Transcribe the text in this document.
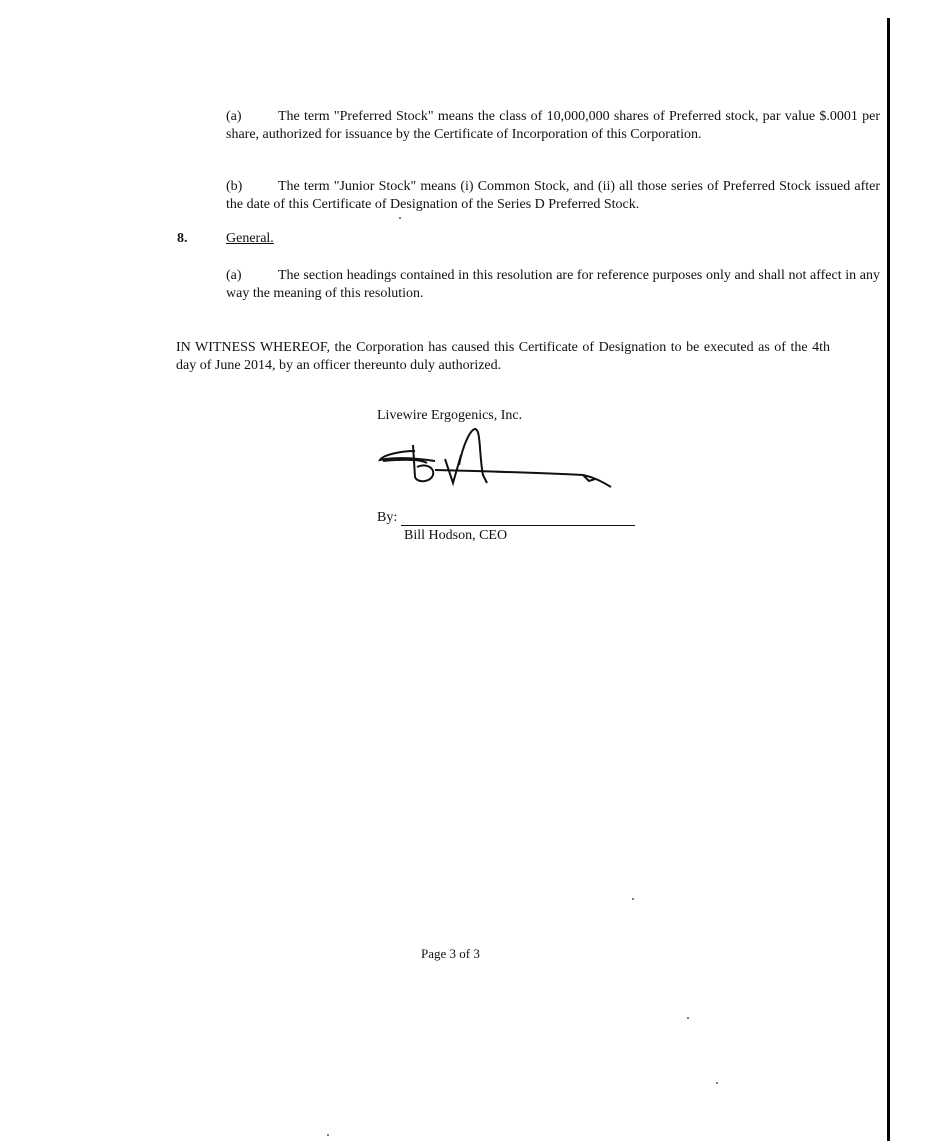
(a)	The term "Preferred Stock" means the class of 10,000,000 shares of Preferred stock, par value $.0001 per share, authorized for issuance by the Certificate of Incorporation of this Corporation.
(b)	The term "Junior Stock" means (i) Common Stock, and (ii) all those series of Preferred Stock issued after the date of this Certificate of Designation of the Series D Preferred Stock.
8.	General.
(a)	The section headings contained in this resolution are for reference purposes only and shall not affect in any way the meaning of this resolution.
IN WITNESS WHEREOF, the Corporation has caused this Certificate of Designation to be executed as of the 4th day of June 2014, by an officer thereunto duly authorized.
Livewire Ergogenics, Inc.
By:
Bill Hodson, CEO
Page 3 of 3
